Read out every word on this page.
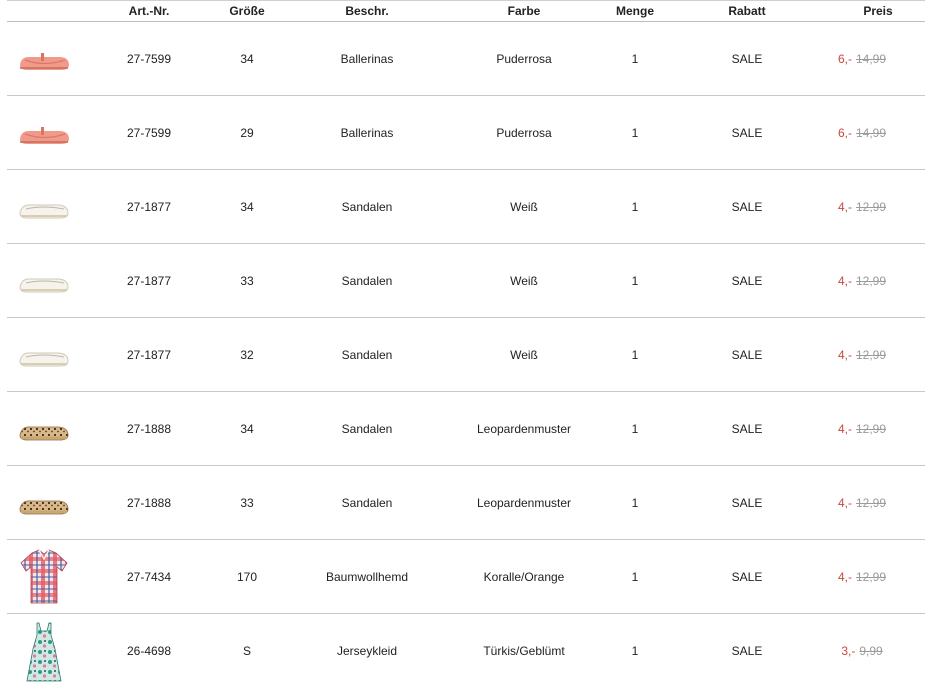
Art.-Nr.	Größe	Beschr.	Farbe	Menge	Rabatt	Preis
27-7599	34	Ballerinas	Puderrosa	1	SALE	6,- 14,99
27-7599	29	Ballerinas	Puderrosa	1	SALE	6,- 14,99
27-1877	34	Sandalen	Weiß	1	SALE	4,- 12,99
27-1877	33	Sandalen	Weiß	1	SALE	4,- 12,99
27-1877	32	Sandalen	Weiß	1	SALE	4,- 12,99
27-1888	34	Sandalen	Leopardenmuster	1	SALE	4,- 12,99
27-1888	33	Sandalen	Leopardenmuster	1	SALE	4,- 12,99
27-7434	170	Baumwollhemd	Koralle/Orange	1	SALE	4,- 12,99
26-4698	S	Jerseykleid	Türkis/Geblümt	1	SALE	3,- 9,99
